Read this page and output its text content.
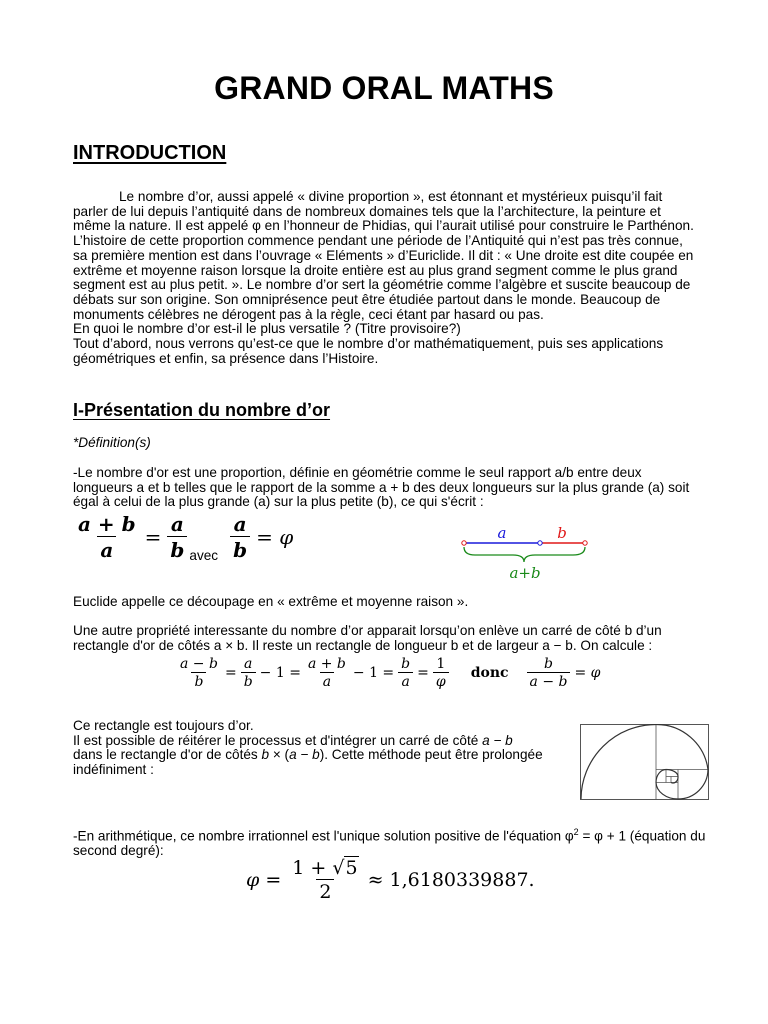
GRAND ORAL MATHS
INTRODUCTION

Le nombre d’or, aussi appelé « divine proportion », est étonnant et mystérieux puisqu’il fait parler de lui depuis l’antiquité dans de nombreux domaines tels que la l’architecture, la peinture et même la nature. Il est appelé φ en l’honneur de Phidias, qui l’aurait utilisé pour construire le Parthénon. L’histoire de cette proportion commence pendant une période de l’Antiquité qui n’est pas très connue, sa première mention est dans l’ouvrage « Eléments » d’Euriclide. Il dit : « Une droite est dite coupée en extrême et moyenne raison lorsque la droite entière est au plus grand segment comme le plus grand segment est au plus petit. ». Le nombre d’or sert la géométrie comme l’algèbre et suscite beaucoup de débats sur son origine. Son omniprésence peut être étudiée partout dans le monde. Beaucoup de monuments célèbres ne dérogent pas à la règle, ceci étant par hasard ou pas.

En quoi le nombre d’or est-il le plus versatile ? (Titre provisoire?)

Tout d’abord, nous verrons qu’est-ce que le nombre d’or mathématiquement, puis ses applications géométriques et enfin, sa présence dans l’Histoire.

I-Présentation du nombre d’or
*Définition(s)
-Le nombre d'or est une proportion, définie en géométrie comme le seul rapport a/b entre deux longueurs a et b telles que le rapport de la somme a + b des deux longueurs sur la plus grande (a) soit égal à celui de la plus grande (a) sur la plus petite (b), ce qui s'écrit :
$\frac{a + b}{a} = \frac{a}{b}$ avec $\frac{a}{b} = \varphi$	a	b
a+b
Euclide appelle ce découpage en « extrême et moyenne raison ».
Une autre propriété interessante du nombre d’or apparait lorsqu’on enlève un carré de côté b d’un rectangle d'or de côtés a × b. Il reste un rectangle de longueur b et de largeur a − b. On calcule :
$\frac{a - b}{b} = \frac{a}{b} - 1 = \frac{a + b}{a} - 1 = \frac{b}{a} = \frac{1}{\varphi}$ donc $\frac{b}{a - b} = \varphi$

Ce rectangle est toujours d’or.

Il est possible de réitérer le processus et d'intégrer un carré de côté a − b

dans le rectangle d'or de côtés b × (a − b). Cette méthode peut être prolongée indéfiniment :

-En arithmétique, ce nombre irrationnel est l'unique solution positive de l'équation $\varphi^2 = \varphi + 1$ (équation du second degré):
$\varphi = \frac{1 + √5}{2} \approx 1,6180339887$.
